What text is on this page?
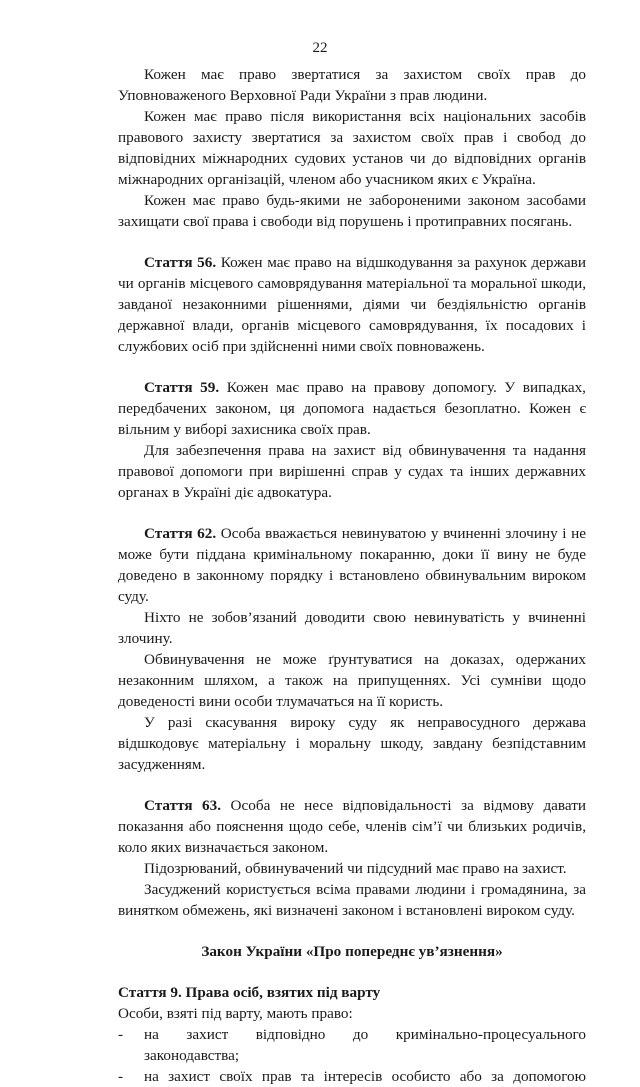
22

Кожен має право звертатися за захистом своїх прав до Уповноваженого Верховної Ради України з прав людини.

Кожен має право після використання всіх національних засобів правового захисту звертатися за захистом своїх прав і свобод до відповідних міжнародних судових установ чи до відповідних органів міжнародних організацій, членом або учасником яких є Україна.

Кожен має право будь-якими не забороненими законом засобами захищати свої права і свободи від порушень і протиправних посягань.

Стаття 56. Кожен має право на відшкодування за рахунок держави чи органів місцевого самоврядування матеріальної та моральної шкоди, завданої незаконними рішеннями, діями чи бездіяльністю органів державної влади, органів місцевого самоврядування, їх посадових і службових осіб при здійсненні ними своїх повноважень.

Стаття 59. Кожен має право на правову допомогу. У випадках, передбачених законом, ця допомога надається безоплатно. Кожен є вільним у виборі захисника своїх прав.

Для забезпечення права на захист від обвинувачення та надання правової допомоги при вирішенні справ у судах та інших державних органах в Україні діє адвокатура.

Стаття 62. Особа вважається невинуватою у вчиненні злочину і не може бути піддана кримінальному покаранню, доки її вину не буде доведено в законному порядку і встановлено обвинувальним вироком суду.

Ніхто не зобов’язаний доводити свою невинуватість у вчиненні злочину.

Обвинувачення не може ґрунтуватися на доказах, одержаних незаконним шляхом, а також на припущеннях. Усі сумніви щодо доведеності вини особи тлумачаться на її користь.

У разі скасування вироку суду як неправосудного держава відшкодовує матеріальну і моральну шкоду, завдану безпідставним засудженням.

Стаття 63. Особа не несе відповідальності за відмову давати показання або пояснення щодо себе, членів сім’ї чи близьких родичів, коло яких визначається законом.

Підозрюваний, обвинувачений чи підсудний має право на захист.

Засуджений користується всіма правами людини і громадянина, за винятком обмежень, які визначені законом і встановлені вироком суду.

Закон України «Про попереднє ув’язнення»

Стаття 9. Права осіб, взятих під варту

Особи, взяті під варту, мають право:

-	на захист відповідно до кримінально-процесуального законодавства;
-	на захист своїх прав та інтересів особисто або за допомогою
